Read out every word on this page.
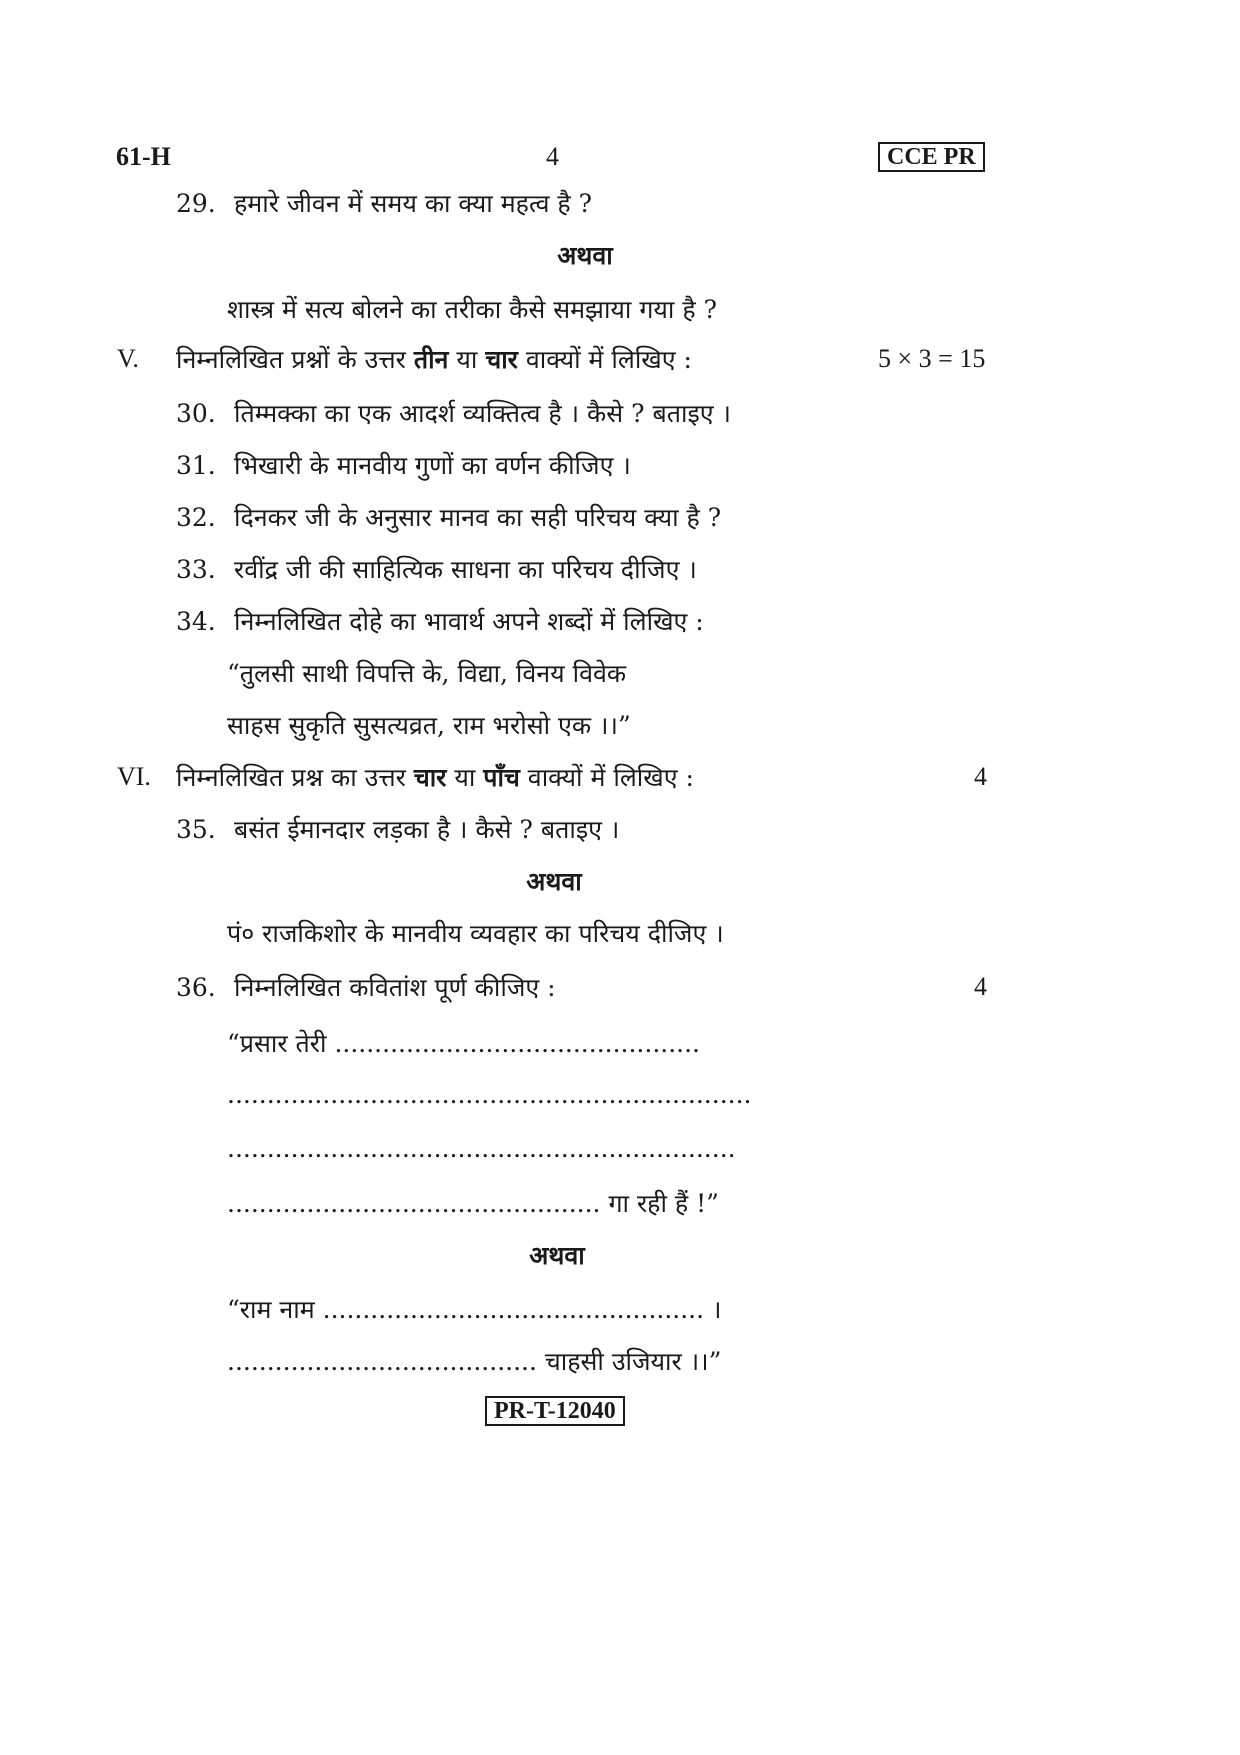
61-H	4	CCE PR
29. हमारे जीवन में समय का क्या महत्व है ?
अथवा
शास्त्र में सत्य बोलने का तरीका कैसे समझाया गया है ?
V. निम्नलिखित प्रश्नों के उत्तर तीन या चार वाक्यों में लिखिए :	5 × 3 = 15
30. तिम्मक्का का एक आदर्श व्यक्तित्व है । कैसे ? बताइए ।
31. भिखारी के मानवीय गुणों का वर्णन कीजिए ।
32. दिनकर जी के अनुसार मानव का सही परिचय क्या है ?
33. रवींद्र जी की साहित्यिक साधना का परिचय दीजिए ।
34. निम्नलिखित दोहे का भावार्थ अपने शब्दों में लिखिए :
“तुलसी साथी विपत्ति के, विद्या, विनय विवेक
साहस सुकृति सुसत्यव्रत, राम भरोसो एक ।।”
VI. निम्नलिखित प्रश्न का उत्तर चार या पाँच वाक्यों में लिखिए :	4
35. बसंत ईमानदार लड़का है । कैसे ? बताइए ।
अथवा
पं० राजकिशोर के मानवीय व्यवहार का परिचय दीजिए ।
36. निम्नलिखित कवितांश पूर्ण कीजिए :	4
“प्रसार तेरी ..............................................
..................................................................
................................................................
............................................... गा रही हैं !”
अथवा
“राम नाम ................................................ ।
....................................... चाहसी उजियार ।।”
PR-T-12040
